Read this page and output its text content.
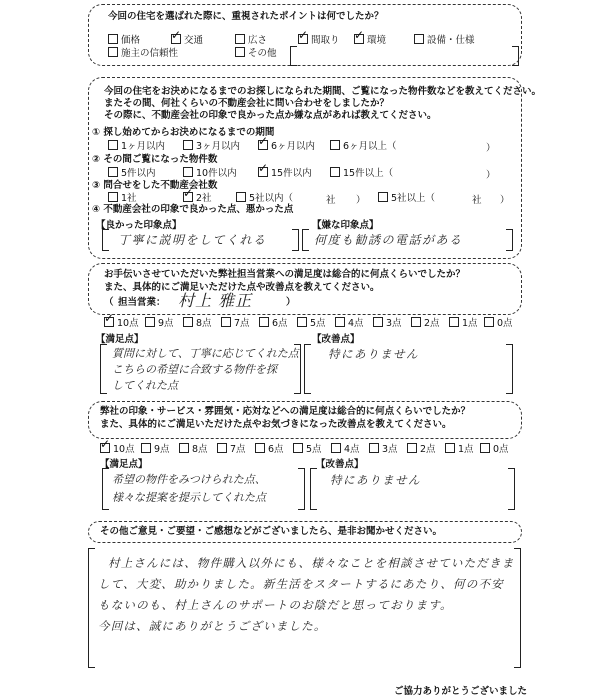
今回の住宅を選ばれた際に、重視されたポイントは何でしたか？
価格 ✓	交通	広さ ✓	間取り ✓	環境	設備・仕様
施主の信頼性	その他
今回の住宅をお決めになるまでのお探しになられた期間、ご覧になった物件数などを教えてください。
またその間、何社くらいの不動産会社に問い合わせをしましたか？
その際に、不動産会社の印象で良かった点か嫌な点があれば教えてください。
① 探し始めてからお決めになるまでの期間
1ヶ月以内	3ヶ月以内 ✓	6ヶ月以内	6ヶ月以上（	）
② その間ご覧になった物件数
5件以内	10件以内 ✓	15件以内	15件以上（	）
③ 問合せをした不動産会社数
1社 ✓	2社	5社以内（	社 ）	5社以上（	社 ）
④ 不動産会社の印象で良かった点、悪かった点
【良かった印象点】	【嫌な印象点】
丁寧に説明をしてくれる	何度も勧誘の電話がある
お手伝いさせていただいた弊社担当営業への満足度は総合的に何点くらいでしたか？
また、具体的にご満足いただけた点や改善点を教えてください。
（ 担当営業： 村上 雅正	）
✓10点	9点	8点	7点	6点	5点	4点	3点	2点	1点	0点
【満足点】	【改善点】
質問に対して、丁寧に応じてくれた点
こちらの希望に合致する物件を探
してくれた点
特にありません
弊社の印象・サービス・雰囲気・応対などへの満足度は総合的に何点くらいでしたか？
また、具体的にご満足いただけた点やお気づきになった改善点を教えてください。
✓10点	9点	8点	7点	6点	5点	4点	3点	2点	1点	0点
【満足点】	【改善点】
希望の物件をみつけられた点、
様々な提案を提示してくれた点
特にありません
その他ご意見・ご要望・ご感想などがございましたら、是非お聞かせください。
村上さんには、物件購入以外にも、様々なことを相談させていただきま
して、大変、助かりました。新生活をスタートするにあたり、何の不安
もないのも、村上さんのサポートのお陰だと思っております。
今回は、誠にありがとうございました。
ご協力ありがとうございました
